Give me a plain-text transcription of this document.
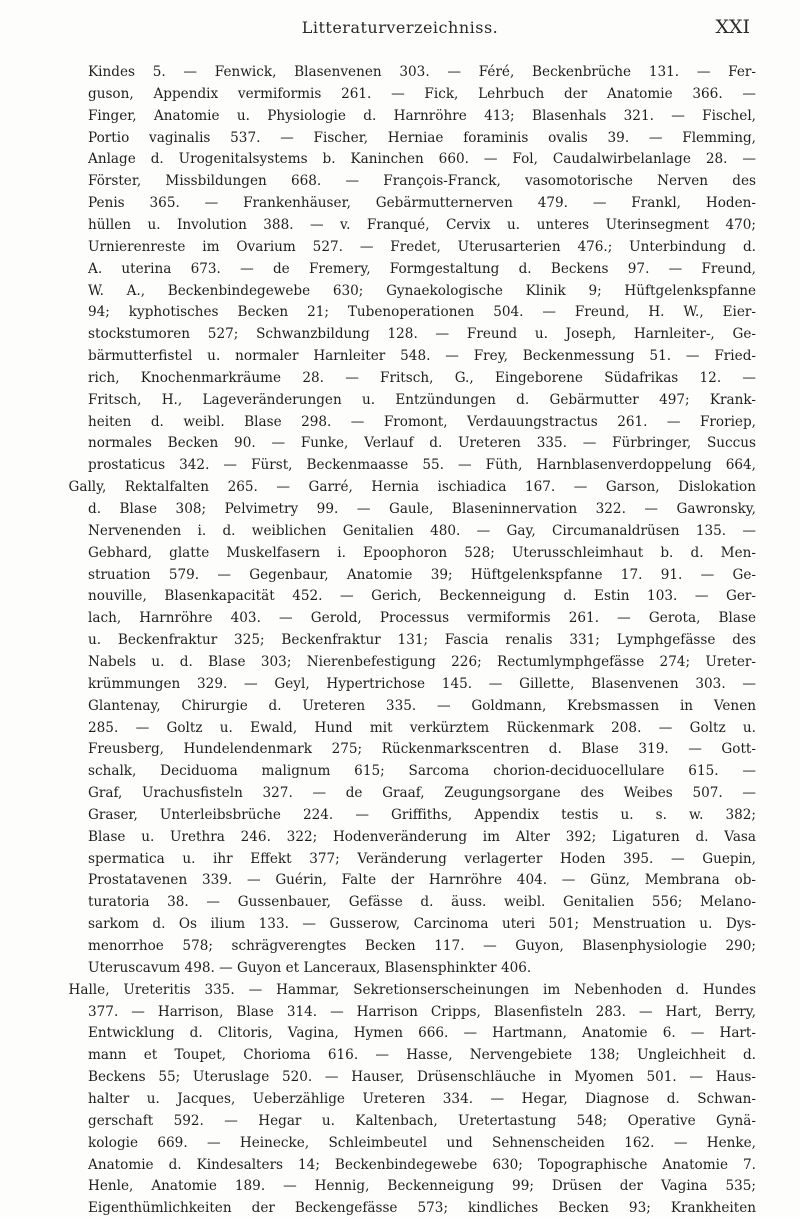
Litteraturverzeichniss.	XXI
Kindes 5. — Fenwick, Blasenvenen 303. — Féré, Beckenbrüche 131. — Fer-
guson, Appendix vermiformis 261. — Fick, Lehrbuch der Anatomie 366. —
Finger, Anatomie u. Physiologie d. Harnröhre 413; Blasenhals 321. — Fischel,
Portio vaginalis 537. — Fischer, Herniae foraminis ovalis 39. — Flemming,
Anlage d. Urogenitalsystems b. Kaninchen 660. — Fol, Caudalwirbelanlage 28. —
Förster, Missbildungen 668. — François-Franck, vasomotorische Nerven des
Penis 365. — Frankenhäuser, Gebärmutternerven 479. — Frankl, Hoden-
hüllen u. Involution 388. — v. Franqué, Cervix u. unteres Uterinsegment 470;
Urnierenreste im Ovarium 527. — Fredet, Uterusarterien 476.; Unterbindung d.
A. uterina 673. — de Fremery, Formgestaltung d. Beckens 97. — Freund,
W. A., Beckenbindegewebe 630; Gynaekologische Klinik 9; Hüftgelenkspfanne
94; kyphotisches Becken 21; Tubenoperationen 504. — Freund, H. W., Eier-
stockstumoren 527; Schwanzbildung 128. — Freund u. Joseph, Harnleiter-, Ge-
bärmutterfistel u. normaler Harnleiter 548. — Frey, Beckenmessung 51. — Fried-
rich, Knochenmarkräume 28. — Fritsch, G., Eingeborene Südafrikas 12. —
Fritsch, H., Lageveränderungen u. Entzündungen d. Gebärmutter 497; Krank-
heiten d. weibl. Blase 298. — Fromont, Verdauungstractus 261. — Froriep,
normales Becken 90. — Funke, Verlauf d. Ureteren 335. — Fürbringer, Succus
prostaticus 342. — Fürst, Beckenmaasse 55. — Füth, Harnblasenverdoppelung 664,
Gally, Rektalfalten 265. — Garré, Hernia ischiadica 167. — Garson, Dislokation
d. Blase 308; Pelvimetry 99. — Gaule, Blaseninnervation 322. — Gawronsky,
Nervenenden i. d. weiblichen Genitalien 480. — Gay, Circumanaldrüsen 135. —
Gebhard, glatte Muskelfasern i. Epoophoron 528; Uterusschleimhaut b. d. Men-
struation 579. — Gegenbaur, Anatomie 39; Hüftgelenkspfanne 17. 91. — Ge-
nouville, Blasenkapacität 452. — Gerich, Beckenneigung d. Estin 103. — Ger-
lach, Harnröhre 403. — Gerold, Processus vermiformis 261. — Gerota, Blase
u. Beckenfraktur 325; Beckenfraktur 131; Fascia renalis 331; Lymphgefässe des
Nabels u. d. Blase 303; Nierenbefestigung 226; Rectumlymphgefässe 274; Ureter-
krümmungen 329. — Geyl, Hypertrichose 145. — Gillette, Blasenvenen 303. —
Glantenay, Chirurgie d. Ureteren 335. — Goldmann, Krebsmassen in Venen
285. — Goltz u. Ewald, Hund mit verkürztem Rückenmark 208. — Goltz u.
Freusberg, Hundelendenmark 275; Rückenmarkscentren d. Blase 319. — Gott-
schalk, Deciduoma malignum 615; Sarcoma chorion-deciduocellulare 615. —
Graf, Urachusfisteln 327. — de Graaf, Zeugungsorgane des Weibes 507. —
Graser, Unterleibsbrüche 224. — Griffiths, Appendix testis u. s. w. 382;
Blase u. Urethra 246. 322; Hodenveränderung im Alter 392; Ligaturen d. Vasa
spermatica u. ihr Effekt 377; Veränderung verlagerter Hoden 395. — Guepin,
Prostatavenen 339. — Guérin, Falte der Harnröhre 404. — Günz, Membrana ob-
turatoria 38. — Gussenbauer, Gefässe d. äuss. weibl. Genitalien 556; Melano-
sarkom d. Os ilium 133. — Gusserow, Carcinoma uteri 501; Menstruation u. Dys-
menorrhoe 578; schrägverengtes Becken 117. — Guyon, Blasenphysiologie 290;
Uteruscavum 498. — Guyon et Lanceraux, Blasensphinkter 406.
Halle, Ureteritis 335. — Hammar, Sekretionserscheinungen im Nebenhoden d. Hundes
377. — Harrison, Blase 314. — Harrison Cripps, Blasenfisteln 283. — Hart, Berry,
Entwicklung d. Clitoris, Vagina, Hymen 666. — Hartmann, Anatomie 6. — Hart-
mann et Toupet, Chorioma 616. — Hasse, Nervengebiete 138; Ungleichheit d.
Beckens 55; Uteruslage 520. — Hauser, Drüsenschläuche in Myomen 501. — Haus-
halter u. Jacques, Ueberzählige Ureteren 334. — Hegar, Diagnose d. Schwan-
gerschaft 592. — Hegar u. Kaltenbach, Uretertastung 548; Operative Gynä-
kologie 669. — Heinecke, Schleimbeutel und Sehnenscheiden 162. — Henke,
Anatomie d. Kindesalters 14; Beckenbindegewebe 630; Topographische Anatomie 7.
Henle, Anatomie 189. — Hennig, Beckenneigung 99; Drüsen der Vagina 535;
Eigenthümlichkeiten der Beckengefässe 573; kindliches Becken 93; Krankheiten
